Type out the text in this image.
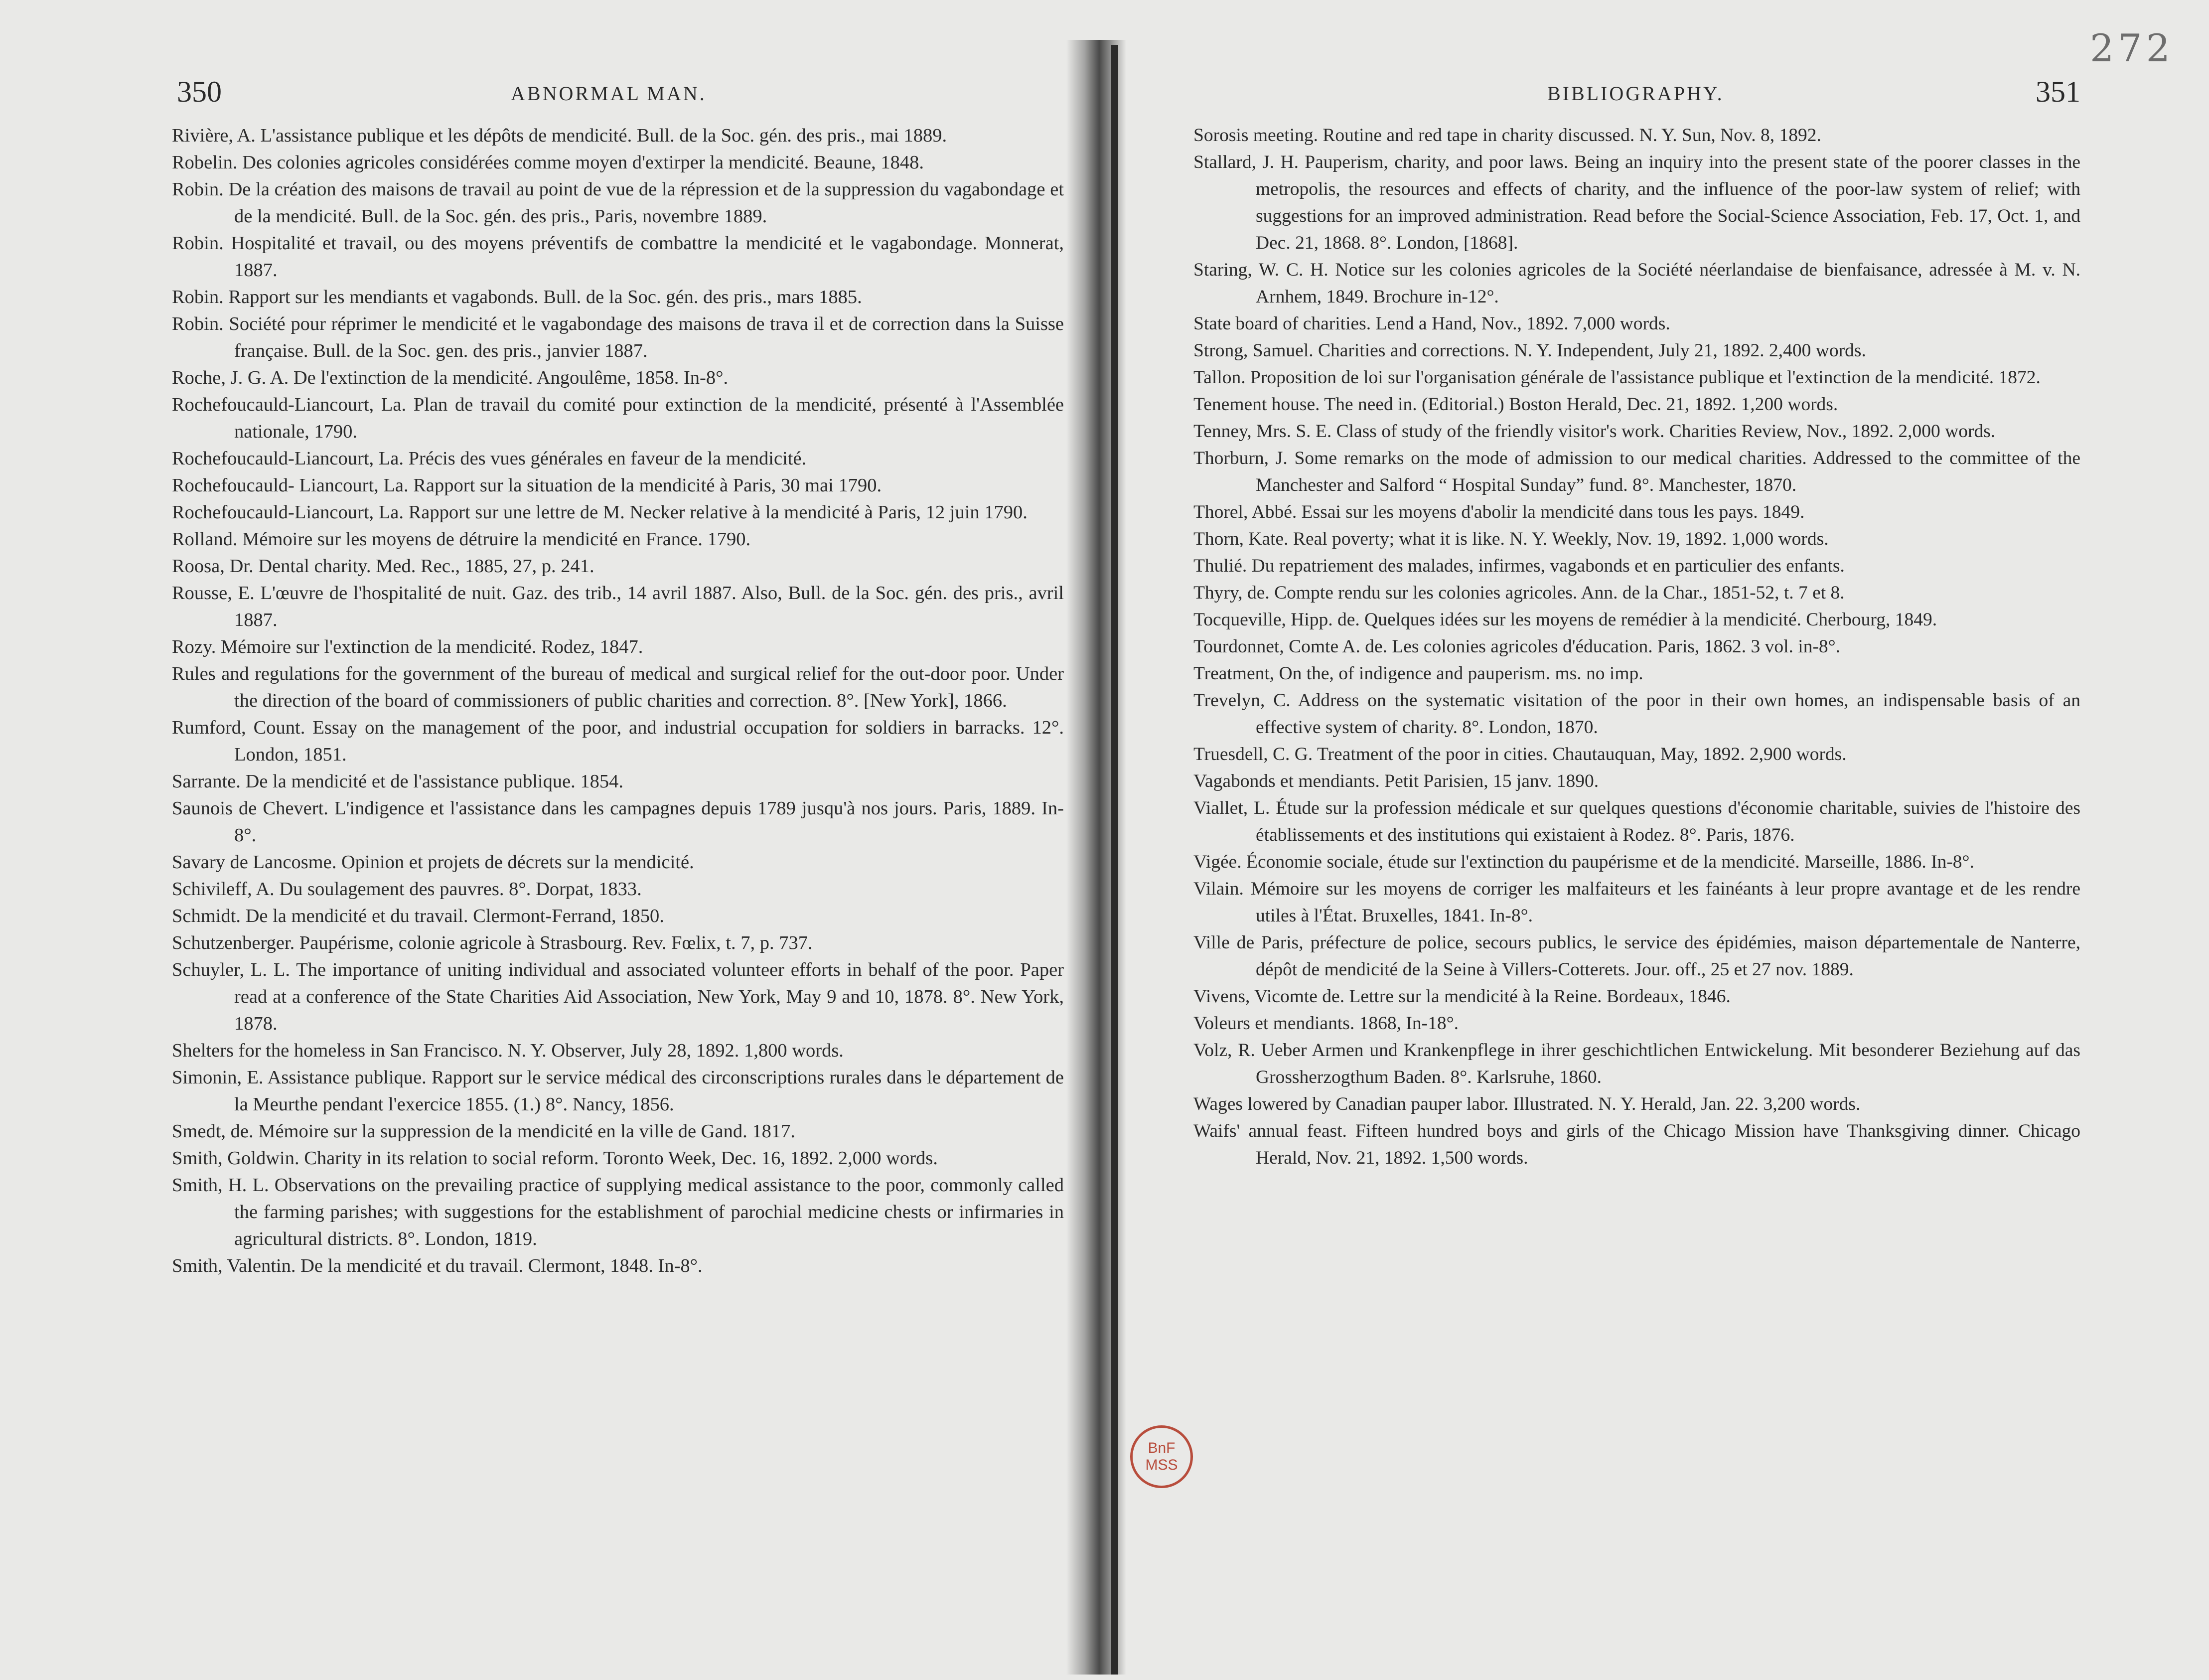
272
350	ABNORMAL MAN.

Rivière, A. L'assistance publique et les dépôts de mendicité. Bull. de la Soc. gén. des pris., mai 1889.

Robelin. Des colonies agricoles considérées comme moyen d'extirper la mendicité. Beaune, 1848.

Robin. De la création des maisons de travail au point de vue de la répression et de la suppression du vagabondage et de la mendicité. Bull. de la Soc. gén. des pris., Paris, novembre 1889.

Robin. Hospitalité et travail, ou des moyens préventifs de combattre la mendicité et le vagabondage. Monnerat, 1887.

Robin. Rapport sur les mendiants et vagabonds. Bull. de la Soc. gén. des pris., mars 1885.

Robin. Société pour réprimer le mendicité et le vagabondage des maisons de trava il et de correction dans la Suisse française. Bull. de la Soc. gen. des pris., janvier 1887.

Roche, J. G. A. De l'extinction de la mendicité. Angoulême, 1858. In-8°.

Rochefoucauld-Liancourt, La. Plan de travail du comité pour extinction de la mendicité, présenté à l'Assemblée nationale, 1790.

Rochefoucauld-Liancourt, La. Précis des vues générales en faveur de la mendicité.

Rochefoucauld- Liancourt, La. Rapport sur la situation de la mendicité à Paris, 30 mai 1790.

Rochefoucauld-Liancourt, La. Rapport sur une lettre de M. Necker relative à la mendicité à Paris, 12 juin 1790.

Rolland. Mémoire sur les moyens de détruire la mendicité en France. 1790.

Roosa, Dr. Dental charity. Med. Rec., 1885, 27, p. 241.

Rousse, E. L'œuvre de l'hospitalité de nuit. Gaz. des trib., 14 avril 1887. Also, Bull. de la Soc. gén. des pris., avril 1887.

Rozy. Mémoire sur l'extinction de la mendicité. Rodez, 1847.

Rules and regulations for the government of the bureau of medical and surgical relief for the out-door poor. Under the direction of the board of commissioners of public charities and correction. 8°. [New York], 1866.

Rumford, Count. Essay on the management of the poor, and industrial occupation for soldiers in barracks. 12°. London, 1851.

Sarrante. De la mendicité et de l'assistance publique. 1854.

Saunois de Chevert. L'indigence et l'assistance dans les campagnes depuis 1789 jusqu'à nos jours. Paris, 1889. In-8°.

Savary de Lancosme. Opinion et projets de décrets sur la mendicité.

Schivileff, A. Du soulagement des pauvres. 8°. Dorpat, 1833.

Schmidt. De la mendicité et du travail. Clermont-Ferrand, 1850.

Schutzenberger. Paupérisme, colonie agricole à Strasbourg. Rev. Fœlix, t. 7, p. 737.

Schuyler, L. L. The importance of uniting individual and associated volunteer efforts in behalf of the poor. Paper read at a conference of the State Charities Aid Association, New York, May 9 and 10, 1878. 8°. New York, 1878.

Shelters for the homeless in San Francisco. N. Y. Observer, July 28, 1892. 1,800 words.

Simonin, E. Assistance publique. Rapport sur le service médical des circonscriptions rurales dans le département de la Meurthe pendant l'exercice 1855. (1.) 8°. Nancy, 1856.

Smedt, de. Mémoire sur la suppression de la mendicité en la ville de Gand. 1817.

Smith, Goldwin. Charity in its relation to social reform. Toronto Week, Dec. 16, 1892. 2,000 words.

Smith, H. L. Observations on the prevailing practice of supplying medical assistance to the poor, commonly called the farming parishes; with suggestions for the establishment of parochial medicine chests or infirmaries in agricultural districts. 8°. London, 1819.

Smith, Valentin. De la mendicité et du travail. Clermont, 1848. In-8°.

BIBLIOGRAPHY.	351

Sorosis meeting. Routine and red tape in charity discussed. N. Y. Sun, Nov. 8, 1892.

Stallard, J. H. Pauperism, charity, and poor laws. Being an inquiry into the present state of the poorer classes in the metropolis, the resources and effects of charity, and the influence of the poor-law system of relief; with suggestions for an improved administration. Read before the Social-Science Association, Feb. 17, Oct. 1, and Dec. 21, 1868. 8°. London, [1868].

Staring, W. C. H. Notice sur les colonies agricoles de la Société néerlandaise de bienfaisance, adressée à M. v. N. Arnhem, 1849. Brochure in-12°.

State board of charities. Lend a Hand, Nov., 1892. 7,000 words.

Strong, Samuel. Charities and corrections. N. Y. Independent, July 21, 1892. 2,400 words.

Tallon. Proposition de loi sur l'organisation générale de l'assistance publique et l'extinction de la mendicité. 1872.

Tenement house. The need in. (Editorial.) Boston Herald, Dec. 21, 1892. 1,200 words.

Tenney, Mrs. S. E. Class of study of the friendly visitor's work. Charities Review, Nov., 1892. 2,000 words.

Thorburn, J. Some remarks on the mode of admission to our medical charities. Addressed to the committee of the Manchester and Salford “ Hospital Sunday” fund. 8°. Manchester, 1870.

Thorel, Abbé. Essai sur les moyens d'abolir la mendicité dans tous les pays. 1849.

Thorn, Kate. Real poverty; what it is like. N. Y. Weekly, Nov. 19, 1892. 1,000 words.

Thulié. Du repatriement des malades, infirmes, vagabonds et en particulier des enfants.

Thyry, de. Compte rendu sur les colonies agricoles. Ann. de la Char., 1851-52, t. 7 et 8.

Tocqueville, Hipp. de. Quelques idées sur les moyens de remédier à la mendicité. Cherbourg, 1849.

Tourdonnet, Comte A. de. Les colonies agricoles d'éducation. Paris, 1862. 3 vol. in-8°.

Treatment, On the, of indigence and pauperism. ms. no imp.

Trevelyn, C. Address on the systematic visitation of the poor in their own homes, an indispensable basis of an effective system of charity. 8°. London, 1870.

Truesdell, C. G. Treatment of the poor in cities. Chautauquan, May, 1892. 2,900 words.

Vagabonds et mendiants. Petit Parisien, 15 janv. 1890.

Viallet, L. Étude sur la profession médicale et sur quelques questions d'économie charitable, suivies de l'histoire des établissements et des institutions qui existaient à Rodez. 8°. Paris, 1876.

Vigée. Économie sociale, étude sur l'extinction du paupérisme et de la mendicité. Marseille, 1886. In-8°.

Vilain. Mémoire sur les moyens de corriger les malfaiteurs et les fainéants à leur propre avantage et de les rendre utiles à l'État. Bruxelles, 1841. In-8°.

Ville de Paris, préfecture de police, secours publics, le service des épidémies, maison départementale de Nanterre, dépôt de mendicité de la Seine à Villers-Cotterets. Jour. off., 25 et 27 nov. 1889.

Vivens, Vicomte de. Lettre sur la mendicité à la Reine. Bordeaux, 1846.

Voleurs et mendiants. 1868, In-18°.

Volz, R. Ueber Armen und Krankenpflege in ihrer geschichtlichen Entwickelung. Mit besonderer Beziehung auf das Grossherzogthum Baden. 8°. Karlsruhe, 1860.

Wages lowered by Canadian pauper labor. Illustrated. N. Y. Herald, Jan. 22. 3,200 words.

Waifs' annual feast. Fifteen hundred boys and girls of the Chicago Mission have Thanksgiving dinner. Chicago Herald, Nov. 21, 1892. 1,500 words.

BnF
MSS
